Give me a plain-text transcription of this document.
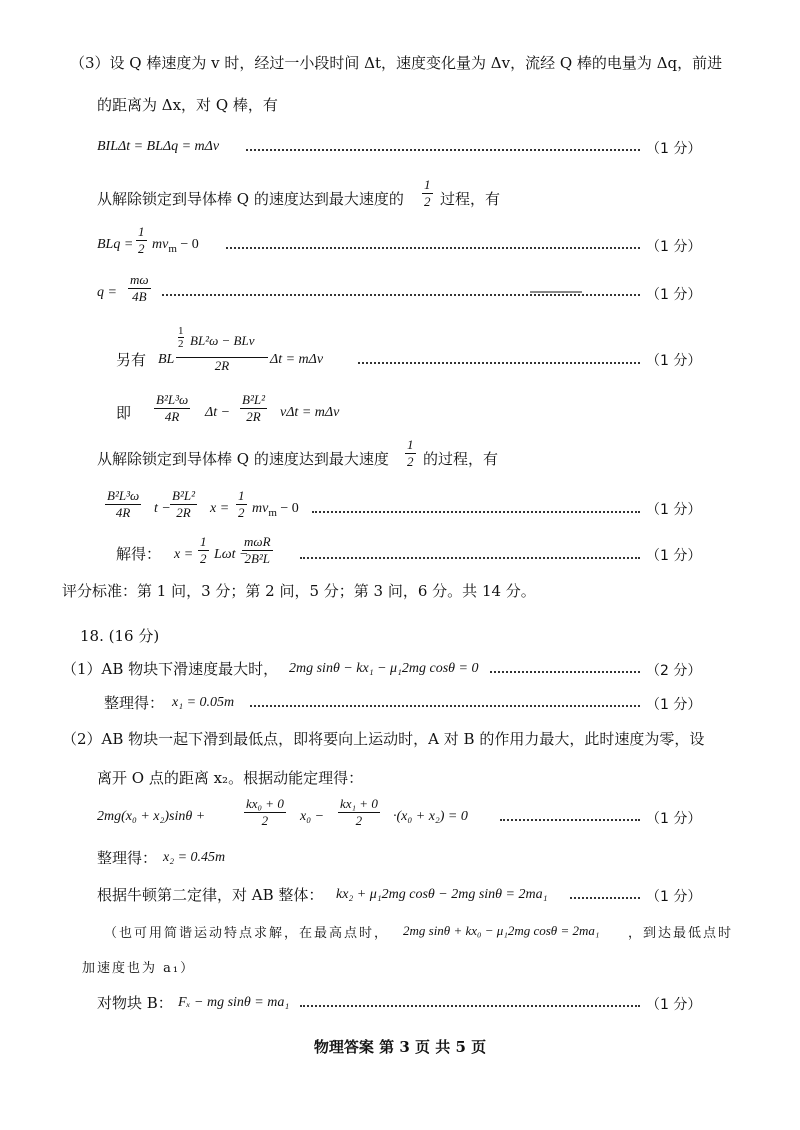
（3）设 Q 棒速度为 v 时，经过一小段时间 Δt，速度变化量为 Δv，流经 Q 棒的电量为 Δq，前进
的距离为 Δx，对 Q 棒，有
BILΔt = BLΔq = mΔv	（1 分）
从解除锁定到导体棒 Q 的速度达到最大速度的
1
2 过程，有
BLq =
1
2 $mv_m - 0$	（1 分）
q =
mω
4B	（1 分）
另有 BL
1
2 BL²ω − BLv
2R	Δt = mΔv	（1 分）
即
B²L³ω
4R	Δt −
B²L²
2R	vΔt = mΔv
从解除锁定到导体棒 Q 的速度达到最大速度
1
2 的过程，有
B²L³ω
4R	t −
B²L²
2R	x =
1
2 $mv_m - 0$	（1 分）
解得： x =
1
2 Lωt −
mωR
2B²L	（1 分）
评分标准：第 1 问，3 分；第 2 问，5 分；第 3 问，6 分。共 14 分。
18. (16 分)
（1）AB 物块下滑速度最大时， 2mg sinθ − kx₁ − μ₁2mg cosθ = 0	（2 分）
整理得： x₁ = 0.05m	（1 分）
（2）AB 物块一起下滑到最低点，即将要向上运动时，A 对 B 的作用力最大，此时速度为零，设
离开 O 点的距离 x₂。根据动能定理得：
2mg(x₀ + x₂)sinθ +
kx₀ + 0
2	x₀ −
kx₁ + 0
2	·(x₀ + x₂) = 0	（1 分）
整理得： x₂ = 0.45m
根据牛顿第二定律，对 AB 整体： kx₂ + μ₁2mg cosθ − 2mg sinθ = 2ma₁	（1 分）
（也可用简谐运动特点求解，在最高点时， 2mg sinθ + kx₀ − μ₁2mg cosθ = 2ma₁ ，到达最低点时
加速度也为 a₁）
对物块 B： Fₓ − mg sinθ = ma₁	（1 分）
物理答案 第 3 页 共 5 页
